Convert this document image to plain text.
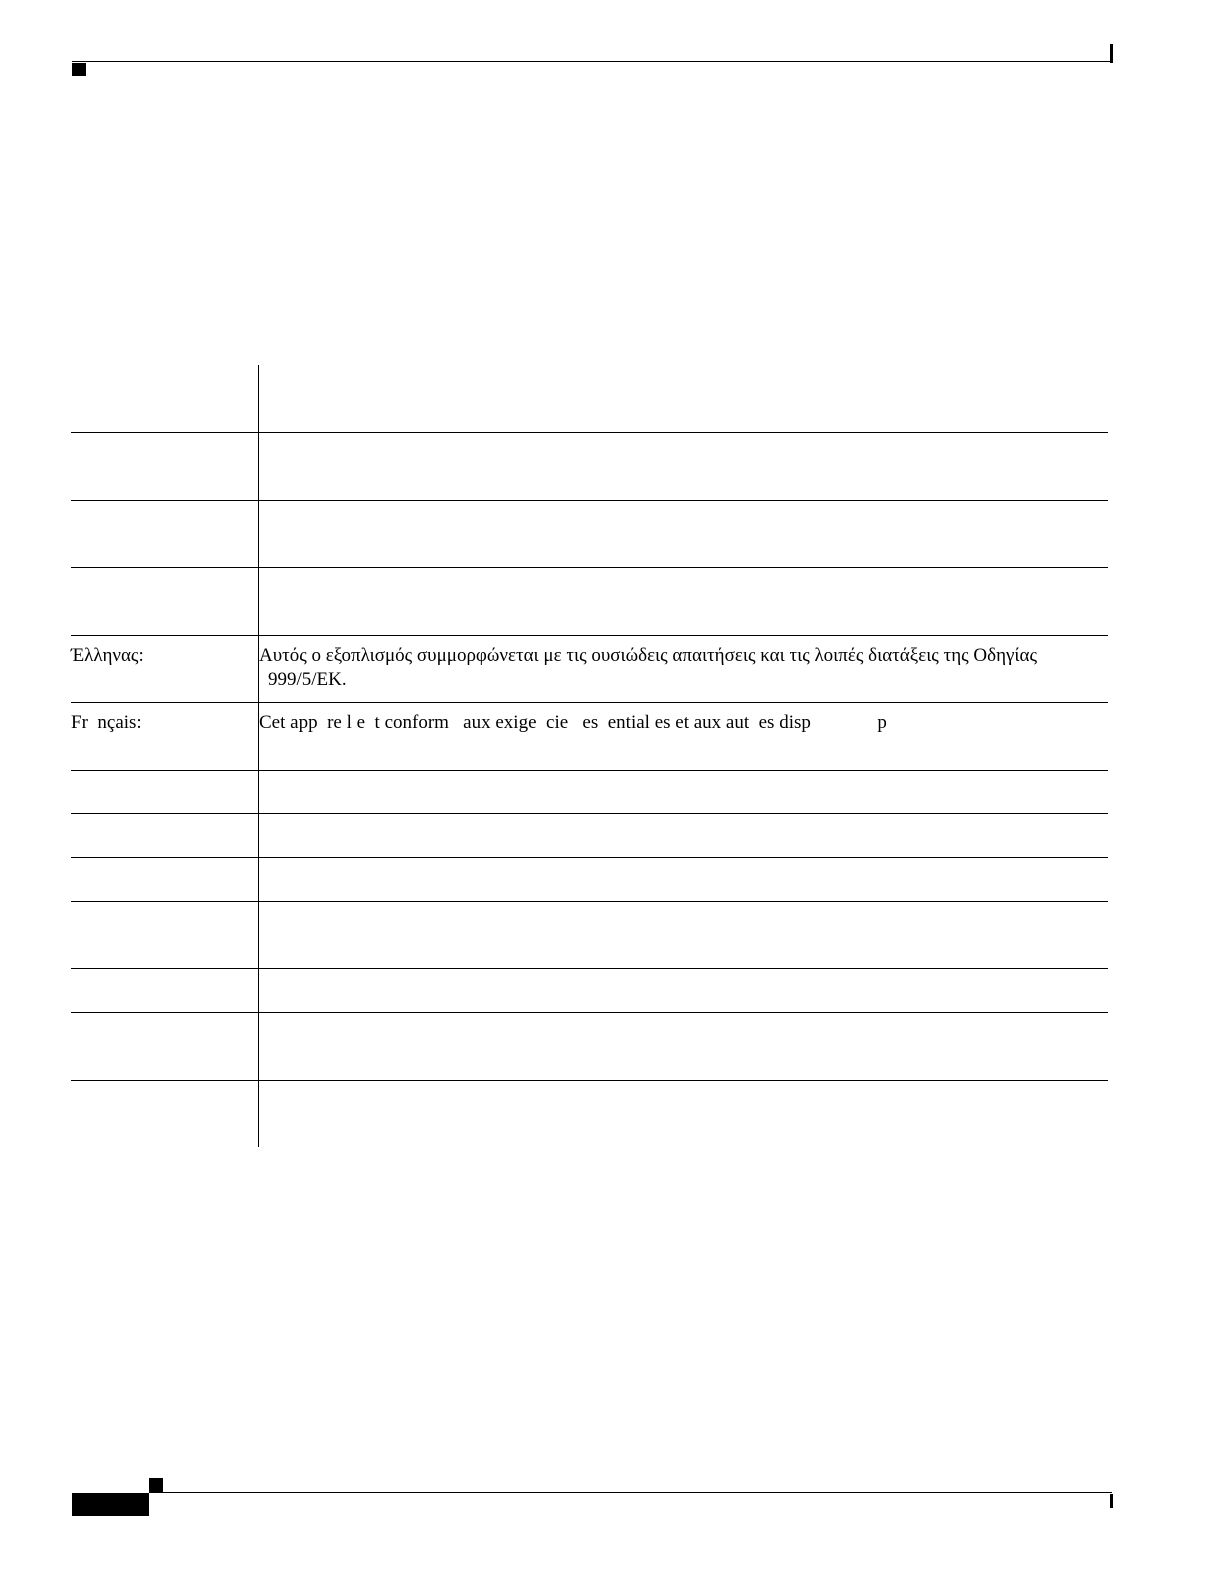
Έλληνας:	Αυτός ο εξοπλισμός συμμορφώνεται με τις ουσιώδεις απαιτήσεις και τις λοιπές διατάξεις της Οδηγίας
999/5/ΕΚ.
Fr  nçais:	Cet app  re l e  t conform   aux exige  cie   es  ential es et aux aut  es disp              p
